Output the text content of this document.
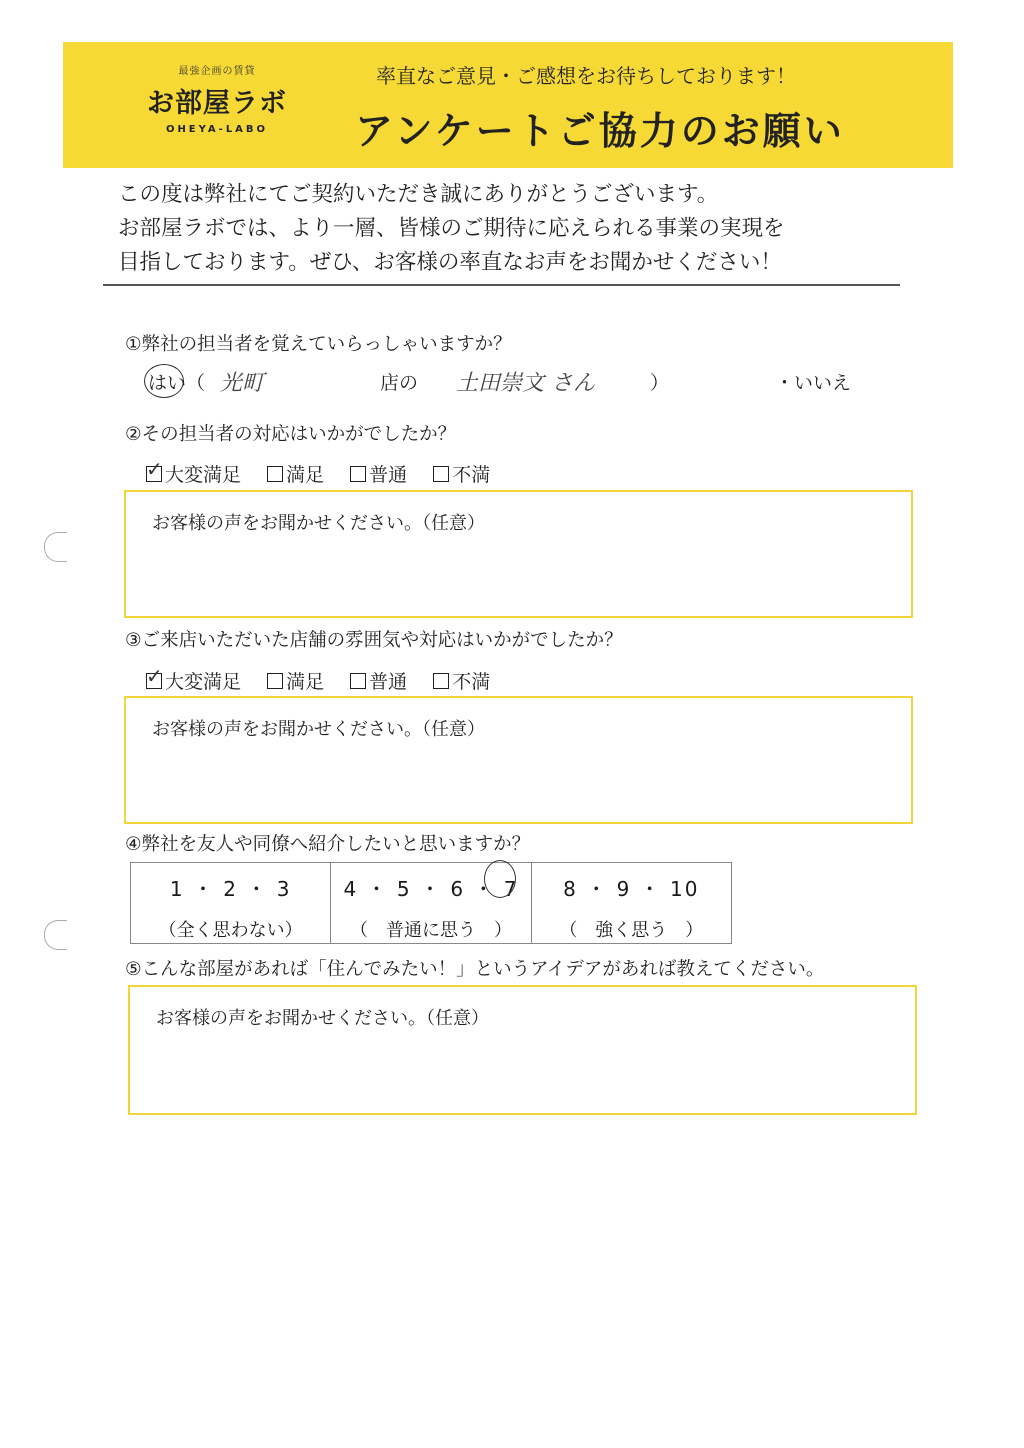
最強企画の賃貸
お部屋ラボ
OHEYA-LABO
率直なご意見・ご感想をお待ちしております！
アンケートご協力のお願い
この度は弊社にてご契約いただき誠にありがとうございます。
お部屋ラボでは、より一層、皆様のご期待に応えられる事業の実現を
目指しております。ぜひ、お客様の率直なお声をお聞かせください！
①弊社の担当者を覚えていらっしゃいますか？
はい（ 光町	店の 土田崇文 さん	）	・いいえ
②その担当者の対応はいかがでしたか？
✓ 大変満足 満足 普通 不満
お客様の声をお聞かせください。（任意）
③ご来店いただいた店舗の雰囲気や対応はいかがでしたか？
✓ 大変満足 満足 普通 不満
お客様の声をお聞かせください。（任意）
④弊社を友人や同僚へ紹介したいと思いますか？
1 ・ 2 ・ 3
（全く思わない）
4 ・ 5 ・ 6 ・ 7
（　普通に思う　）
8 ・ 9 ・ 10
（　強く思う　）
⑤こんな部屋があれば「住んでみたい！」というアイデアがあれば教えてください。
お客様の声をお聞かせください。（任意）
